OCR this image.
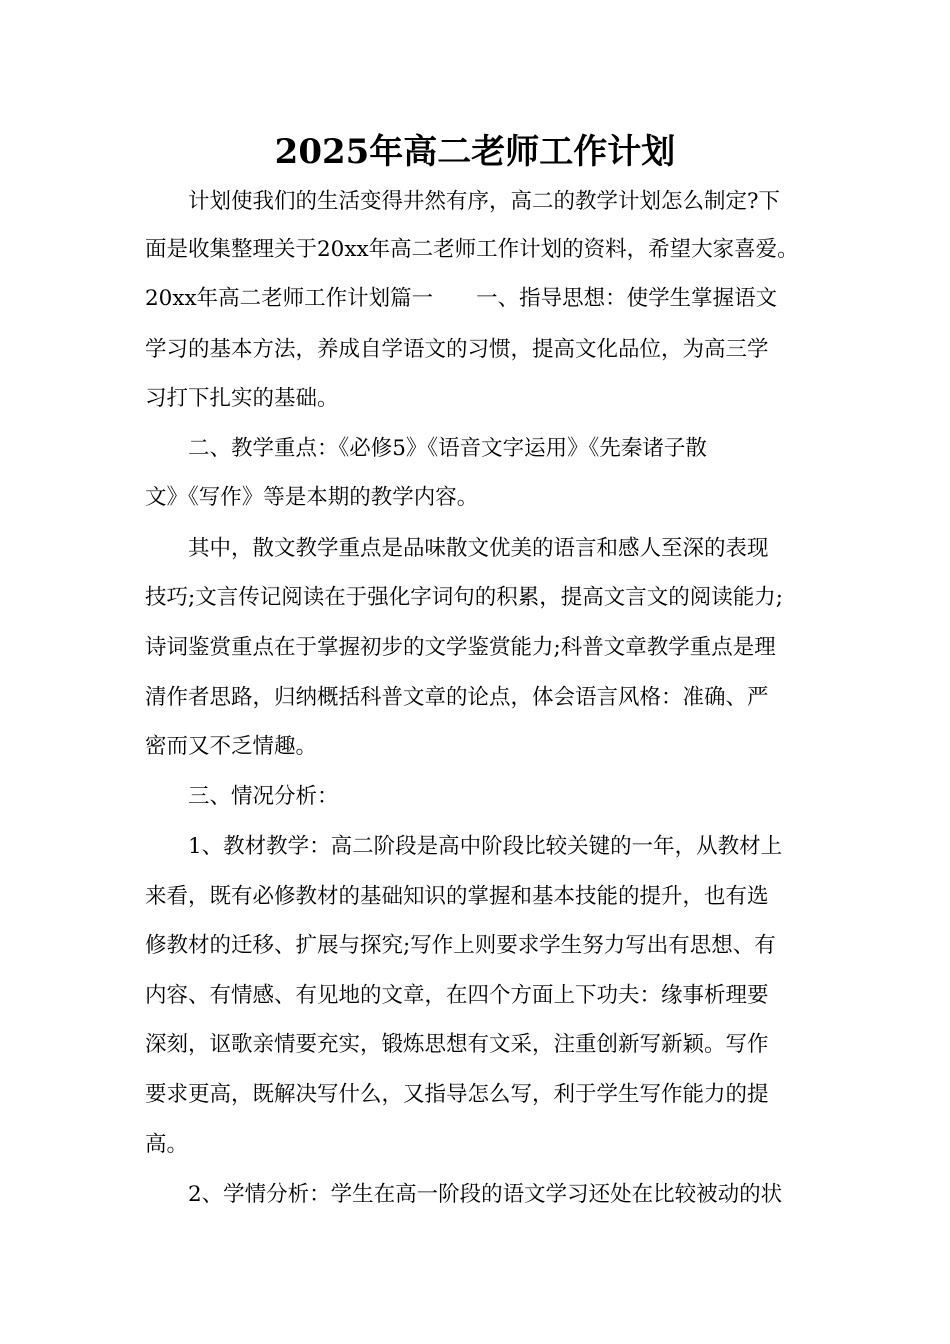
2025年高二老师工作计划
　　计划使我们的生活变得井然有序，高二的教学计划怎么制定?下
面是收集整理关于20xx年高二老师工作计划的资料，希望大家喜爱。
20xx年高二老师工作计划篇一　　一、指导思想：使学生掌握语文
学习的基本方法，养成自学语文的习惯，提高文化品位，为高三学
习打下扎实的基础。
　　二、教学重点：《必修5》《语音文字运用》《先秦诸子散
文》《写作》等是本期的教学内容。
　　其中，散文教学重点是品味散文优美的语言和感人至深的表现
技巧;文言传记阅读在于强化字词句的积累，提高文言文的阅读能力;
诗词鉴赏重点在于掌握初步的文学鉴赏能力;科普文章教学重点是理
清作者思路，归纳概括科普文章的论点，体会语言风格：准确、严
密而又不乏情趣。
　　三、情况分析：
　　1、教材教学：高二阶段是高中阶段比较关键的一年，从教材上
来看，既有必修教材的基础知识的掌握和基本技能的提升，也有选
修教材的迁移、扩展与探究;写作上则要求学生努力写出有思想、有
内容、有情感、有见地的文章，在四个方面上下功夫：缘事析理要
深刻，讴歌亲情要充实，锻炼思想有文采，注重创新写新颖。写作
要求更高，既解决写什么，又指导怎么写，利于学生写作能力的提
高。
　　2、学情分析：学生在高一阶段的语文学习还处在比较被动的状
